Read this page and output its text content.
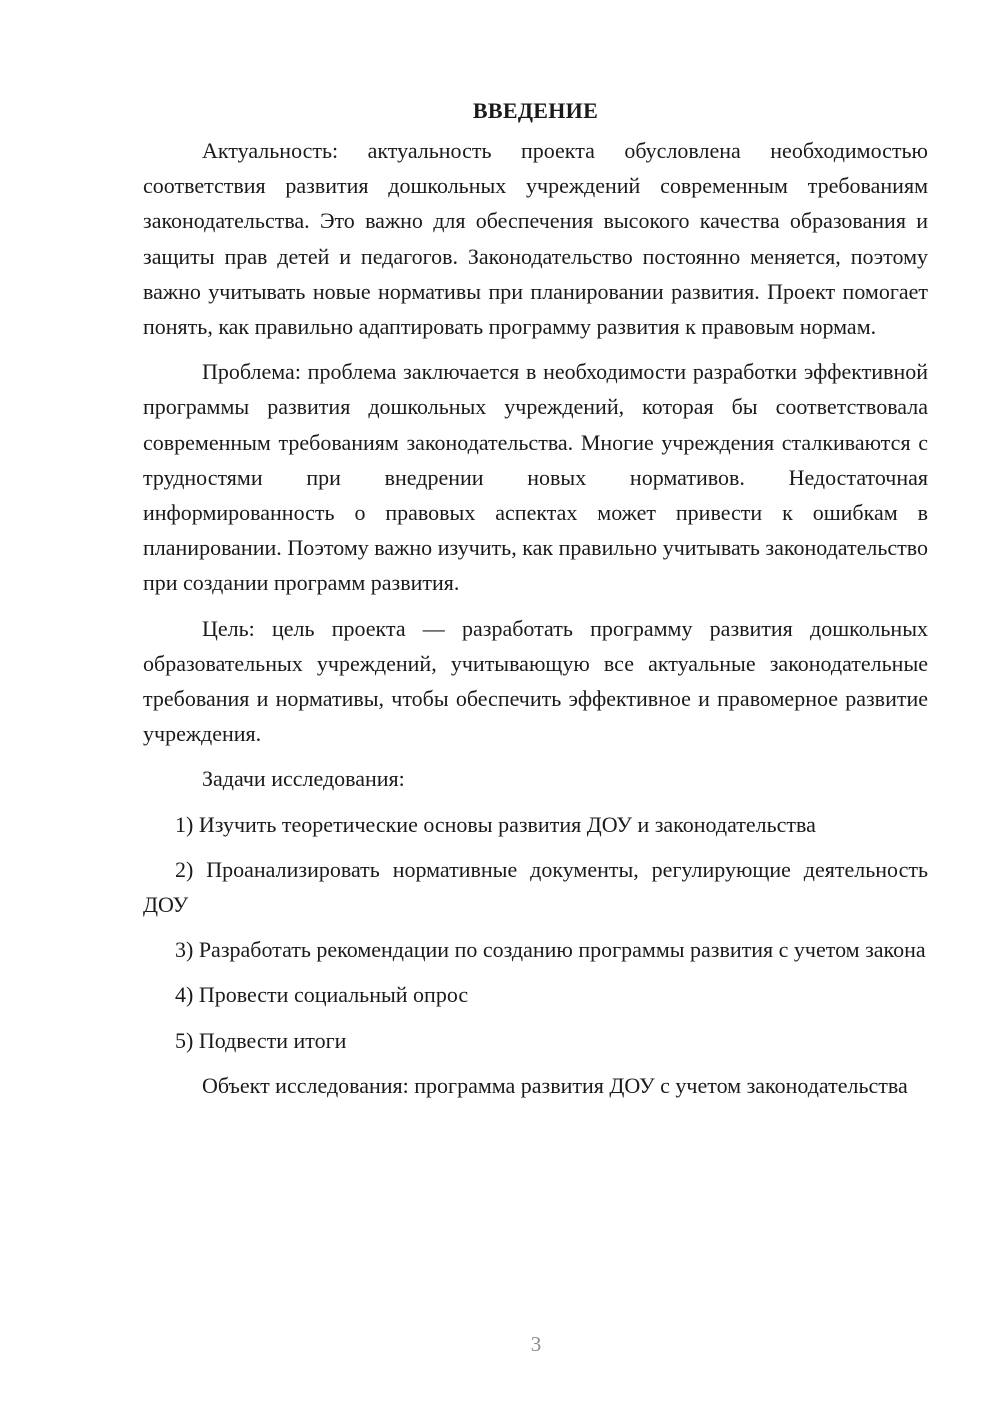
ВВЕДЕНИЕ

Актуальность: актуальность проекта обусловлена необходимостью соответствия развития дошкольных учреждений современным требованиям законодательства. Это важно для обеспечения высокого качества образования и защиты прав детей и педагогов. Законодательство постоянно меняется, поэтому важно учитывать новые нормативы при планировании развития. Проект помогает понять, как правильно адаптировать программу развития к правовым нормам.

Проблема: проблема заключается в необходимости разработки эффективной программы развития дошкольных учреждений, которая бы соответствовала современным требованиям законодательства. Многие учреждения сталкиваются с трудностями при внедрении новых нормативов. Недостаточная информированность о правовых аспектах может привести к ошибкам в планировании. Поэтому важно изучить, как правильно учитывать законодательство при создании программ развития.

Цель: цель проекта — разработать программу развития дошкольных образовательных учреждений, учитывающую все актуальные законодательные требования и нормативы, чтобы обеспечить эффективное и правомерное развитие учреждения.

Задачи исследования:

1) Изучить теоретические основы развития ДОУ и законодательства

2) Проанализировать нормативные документы, регулирующие деятельность ДОУ

3) Разработать рекомендации по созданию программы развития с учетом закона

4) Провести социальный опрос

5) Подвести итоги

Объект исследования: программа развития ДОУ с учетом законодательства

3
